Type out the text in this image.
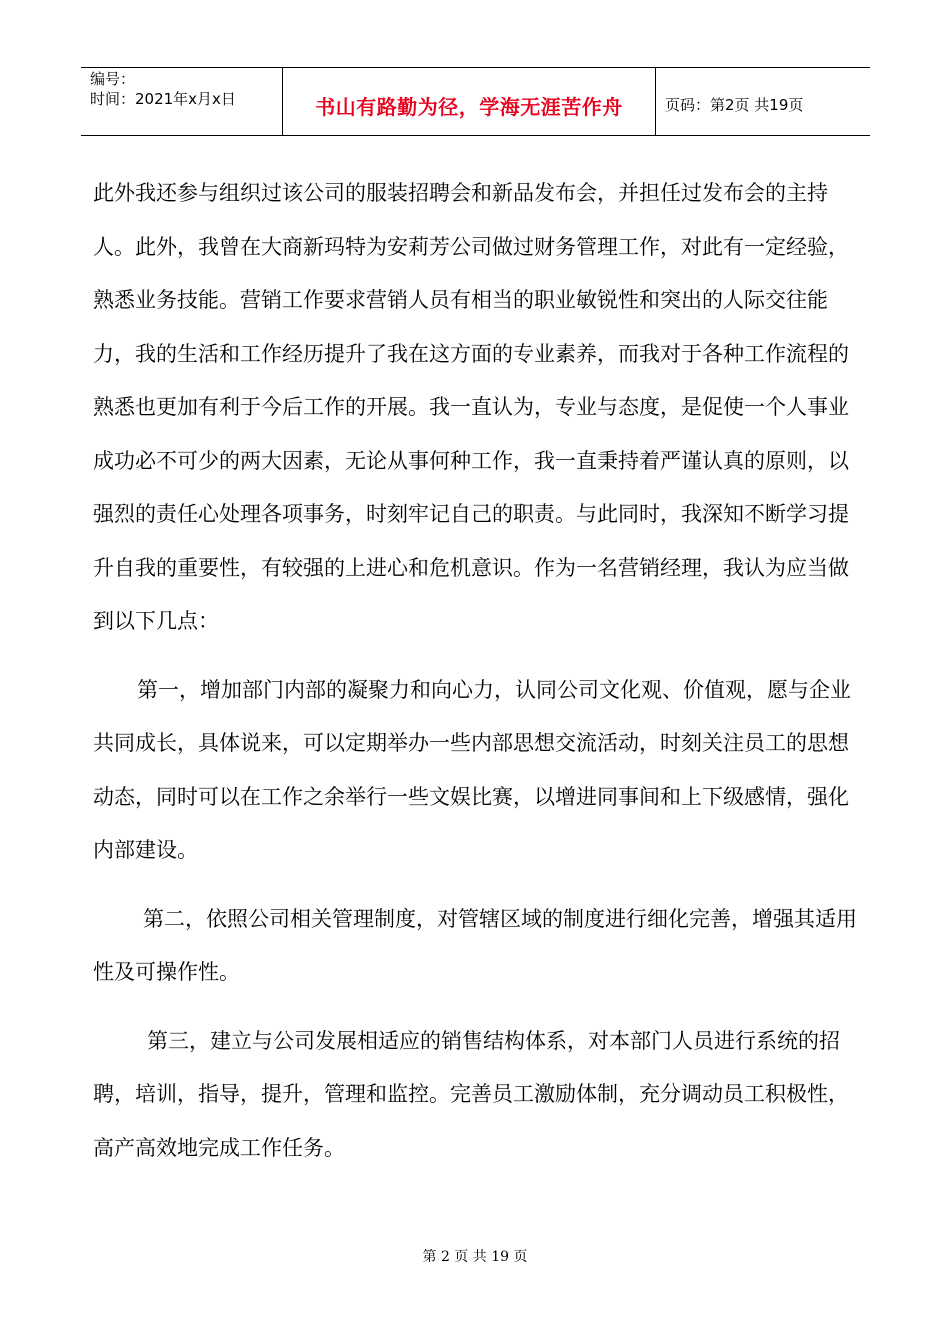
编号：
时间：2021年x月x日	书山有路勤为径，学海无涯苦作舟	页码：第2页 共19页

此外我还参与组织过该公司的服装招聘会和新品发布会，并担任过发布会的主持人。此外，我曾在大商新玛特为安莉芳公司做过财务管理工作，对此有一定经验，熟悉业务技能。营销工作要求营销人员有相当的职业敏锐性和突出的人际交往能力，我的生活和工作经历提升了我在这方面的专业素养，而我对于各种工作流程的熟悉也更加有利于今后工作的开展。我一直认为，专业与态度，是促使一个人事业成功必不可少的两大因素，无论从事何种工作，我一直秉持着严谨认真的原则，以强烈的责任心处理各项事务，时刻牢记自己的职责。与此同时，我深知不断学习提升自我的重要性，有较强的上进心和危机意识。作为一名营销经理，我认为应当做到以下几点：

第一，增加部门内部的凝聚力和向心力，认同公司文化观、价值观，愿与企业共同成长，具体说来，可以定期举办一些内部思想交流活动，时刻关注员工的思想动态，同时可以在工作之余举行一些文娱比赛，以增进同事间和上下级感情，强化内部建设。

第二，依照公司相关管理制度，对管辖区域的制度进行细化完善，增强其适用性及可操作性。

第三，建立与公司发展相适应的销售结构体系，对本部门人员进行系统的招聘，培训，指导，提升，管理和监控。完善员工激励体制，充分调动员工积极性，高产高效地完成工作任务。

第 2 页 共 19 页
